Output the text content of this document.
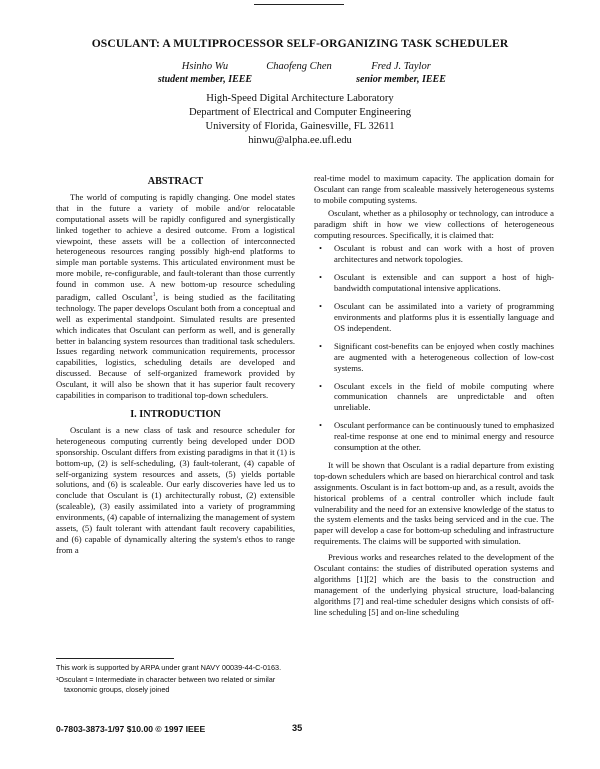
OSCULANT: A MULTIPROCESSOR SELF-ORGANIZING TASK SCHEDULER
Hsinho Wu
student member, IEEE
Chaofeng Chen	Fred J. Taylor
senior member, IEEE
High-Speed Digital Architecture Laboratory
Department of Electrical and Computer Engineering
University of Florida, Gainesville, FL 32611
hinwu@alpha.ee.ufl.edu
ABSTRACT

The world of computing is rapidly changing. One model states that in the future a variety of mobile and/or relocatable computational assets will be rapidly configured and synergistically linked together to achieve a desired outcome. From a logistical viewpoint, these assets will be a collection of interconnected heterogeneous resources ranging possibly high-end platforms to simple man portable systems. This articulated environment must be more mobile, re-configurable, and fault-tolerant than those currently found in common use. A new bottom-up resource scheduling paradigm, called Osculant$^1$, is being studied as the facilitating technology. The paper develops Osculant both from a conceptual and well as experimental standpoint. Simulated results are presented which indicates that Osculant can perform as well, and is generally better in balancing system resources than traditional task schedulers. Issues regarding network communication requirements, processor capabilities, logistics, scheduling details are developed and discussed. Because of self-organized framework provided by Osculant, it will also be shown that it has superior fault recovery capabilities in comparison to traditional top-down schedulers.

I. INTRODUCTION

Osculant is a new class of task and resource scheduler for heterogeneous computing currently being developed under DOD sponsorship. Osculant differs from existing paradigms in that it (1) is bottom-up, (2) is self-scheduling, (3) fault-tolerant, (4) capable of self-organizing system resources and assets, (5) yields portable solutions, and (6) is scaleable. Our early discoveries have led us to conclude that Osculant is (1) architecturally robust, (2) extensible (scaleable), (3) easily assimilated into a variety of programming environments, (4) capable of internalizing the management of system assets, (5) fault tolerant with attendant fault recovery capabilities, and (6) capable of dynamically altering the system's ethos to range from a

real-time model to maximum capacity. The application domain for Osculant can range from scaleable massively heterogeneous systems to mobile computing systems.

Osculant, whether as a philosophy or technology, can introduce a paradigm shift in how we view collections of heterogeneous computing resources. Specifically, it is claimed that:

• Osculant is robust and can work with a host of proven architectures and network topologies.
• Osculant is extensible and can support a host of high-bandwidth computational intensive applications.
• Osculant can be assimilated into a variety of programming environments and platforms plus it is essentially language and OS independent.
• Significant cost-benefits can be enjoyed when costly machines are augmented with a heterogeneous collection of low-cost systems.
• Osculant excels in the field of mobile computing where communication channels are unpredictable and often unreliable.
• Osculant performance can be continuously tuned to emphasized real-time response at one end to minimal energy and resource consumption at the other.

It will be shown that Osculant is a radial departure from existing top-down schedulers which are based on hierarchical control and task assignments. Osculant is in fact bottom-up and, as a result, avoids the historical problems of a central controller which include fault vulnerability and the need for an extensive knowledge of the status to the system elements and the tasks being serviced and in the cue. The paper will develop a case for bottom-up scheduling and infrastructure requirements. The claims will be supported with simulation.

Previous works and researches related to the development of the Osculant contains: the studies of distributed operation systems and algorithms [1][2] which are the basis to the construction and management of the underlying physical structure, load-balancing algorithms [7] and real-time scheduler designs which consists of off-line scheduling [5] and on-line scheduling

This work is supported by ARPA under grant NAVY 00039-44-C-0163.
¹Osculant = Intermediate in character between two related or similar taxonomic groups, closely joined
0-7803-3873-1/97 $10.00 © 1997 IEEE	35
